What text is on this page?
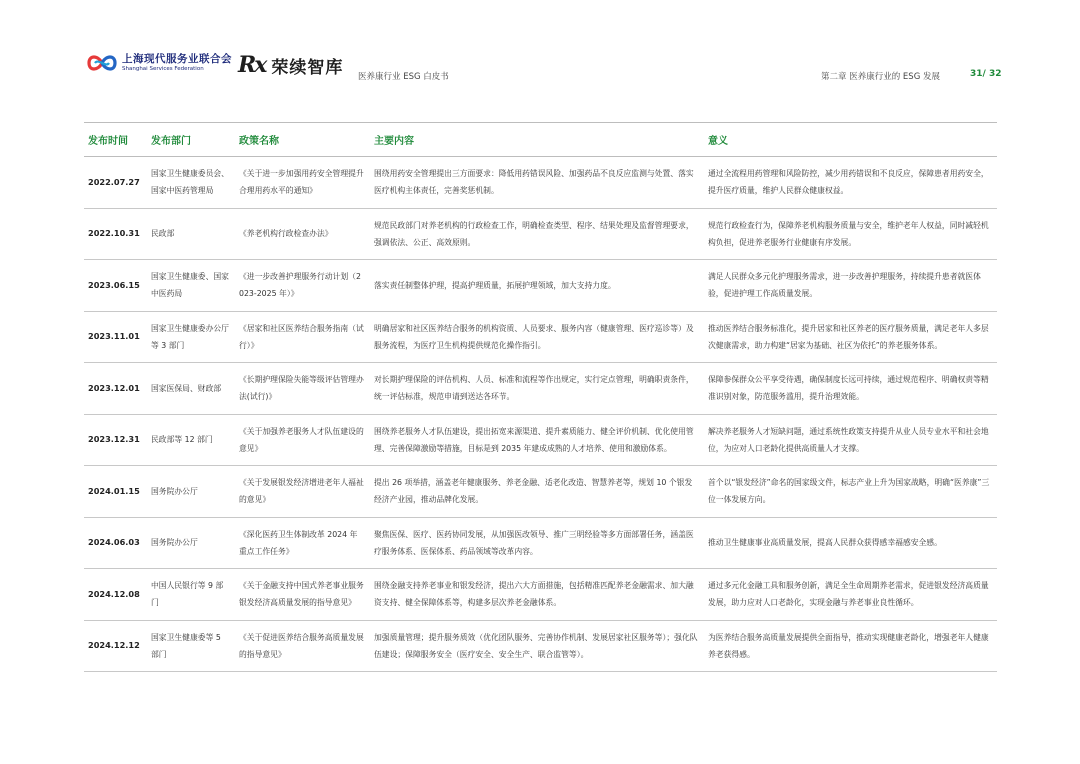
上海现代服务业联合会
Shanghai Services Federation	Rx 荣续智库 医养康行业 ESG 白皮书	第二章 医养康行业的 ESG 发展	31/ 32
发布时间	发布部门	政策名称	主要内容	意义
2022.07.27	国家卫生健康委员会、国家中医药管理局	《关于进一步加强用药安全管理提升合理用药水平的通知》	围绕用药安全管理提出三方面要求：降低用药错误风险、加强药品不良反应监测与处置、落实医疗机构主体责任，完善奖惩机制。	通过全流程用药管理和风险防控，减少用药错误和不良反应，保障患者用药安全，提升医疗质量，维护人民群众健康权益。
2022.10.31	民政部	《养老机构行政检查办法》	规范民政部门对养老机构的行政检查工作，明确检查类型、程序、结果处理及监督管理要求，强调依法、公正、高效原则。	规范行政检查行为，保障养老机构服务质量与安全，维护老年人权益，同时减轻机构负担，促进养老服务行业健康有序发展。
2023.06.15	国家卫生健康委、国家中医药局	《进一步改善护理服务行动计划（2023-2025 年）》	落实责任制整体护理，提高护理质量，拓展护理领域，加大支持力度。	满足人民群众多元化护理服务需求，进一步改善护理服务，持续提升患者就医体验，促进护理工作高质量发展。
2023.11.01	国家卫生健康委办公厅等 3 部门	《居家和社区医养结合服务指南（试行）》	明确居家和社区医养结合服务的机构资质、人员要求、服务内容（健康管理、医疗巡诊等）及服务流程，为医疗卫生机构提供规范化操作指引。	推动医养结合服务标准化，提升居家和社区养老的医疗服务质量，满足老年人多层次健康需求，助力构建“居家为基础、社区为依托”的养老服务体系。
2023.12.01	国家医保局、财政部	《长期护理保险失能等级评估管理办法(试行)》	对长期护理保险的评估机构、人员、标准和流程等作出规定，实行定点管理，明确职责条件，统一评估标准，规范申请到送达各环节。	保障参保群众公平享受待遇，确保制度长远可持续，通过规范程序、明确权责等精准识别对象，防范服务滥用，提升治理效能。
2023.12.31	民政部等 12 部门	《关于加强养老服务人才队伍建设的意见》	围绕养老服务人才队伍建设，提出拓宽来源渠道、提升素质能力、健全评价机制、优化使用管理、完善保障激励等措施，目标是到 2035 年建成成熟的人才培养、使用和激励体系。	解决养老服务人才短缺问题，通过系统性政策支持提升从业人员专业水平和社会地位，为应对人口老龄化提供高质量人才支撑。
2024.01.15	国务院办公厅	《关于发展银发经济增进老年人福祉的意见》	提出 26 项举措，涵盖老年健康服务、养老金融、适老化改造、智慧养老等，规划 10 个银发经济产业园，推动品牌化发展。	首个以“银发经济”命名的国家级文件，标志产业上升为国家战略，明确“医养康”三位一体发展方向。
2024.06.03	国务院办公厅	《深化医药卫生体制改革 2024 年重点工作任务》	聚焦医保、医疗、医药协同发展，从加强医改领导、推广三明经验等多方面部署任务，涵盖医疗服务体系、医保体系、药品领域等改革内容。	推动卫生健康事业高质量发展，提高人民群众获得感幸福感安全感。
2024.12.08	中国人民银行等 9 部门	《关于金融支持中国式养老事业服务银发经济高质量发展的指导意见》	围绕金融支持养老事业和银发经济，提出六大方面措施，包括精准匹配养老金融需求、加大融资支持、健全保障体系等，构建多层次养老金融体系。	通过多元化金融工具和服务创新，满足全生命周期养老需求，促进银发经济高质量发展，助力应对人口老龄化，实现金融与养老事业良性循环。
2024.12.12	国家卫生健康委等 5 部门	《关于促进医养结合服务高质量发展的指导意见》	加强质量管理；提升服务质效（优化团队服务、完善协作机制、发展居家社区服务等）；强化队伍建设；保障服务安全（医疗安全、安全生产、联合监管等）。	为医养结合服务高质量发展提供全面指导，推动实现健康老龄化，增强老年人健康养老获得感。
